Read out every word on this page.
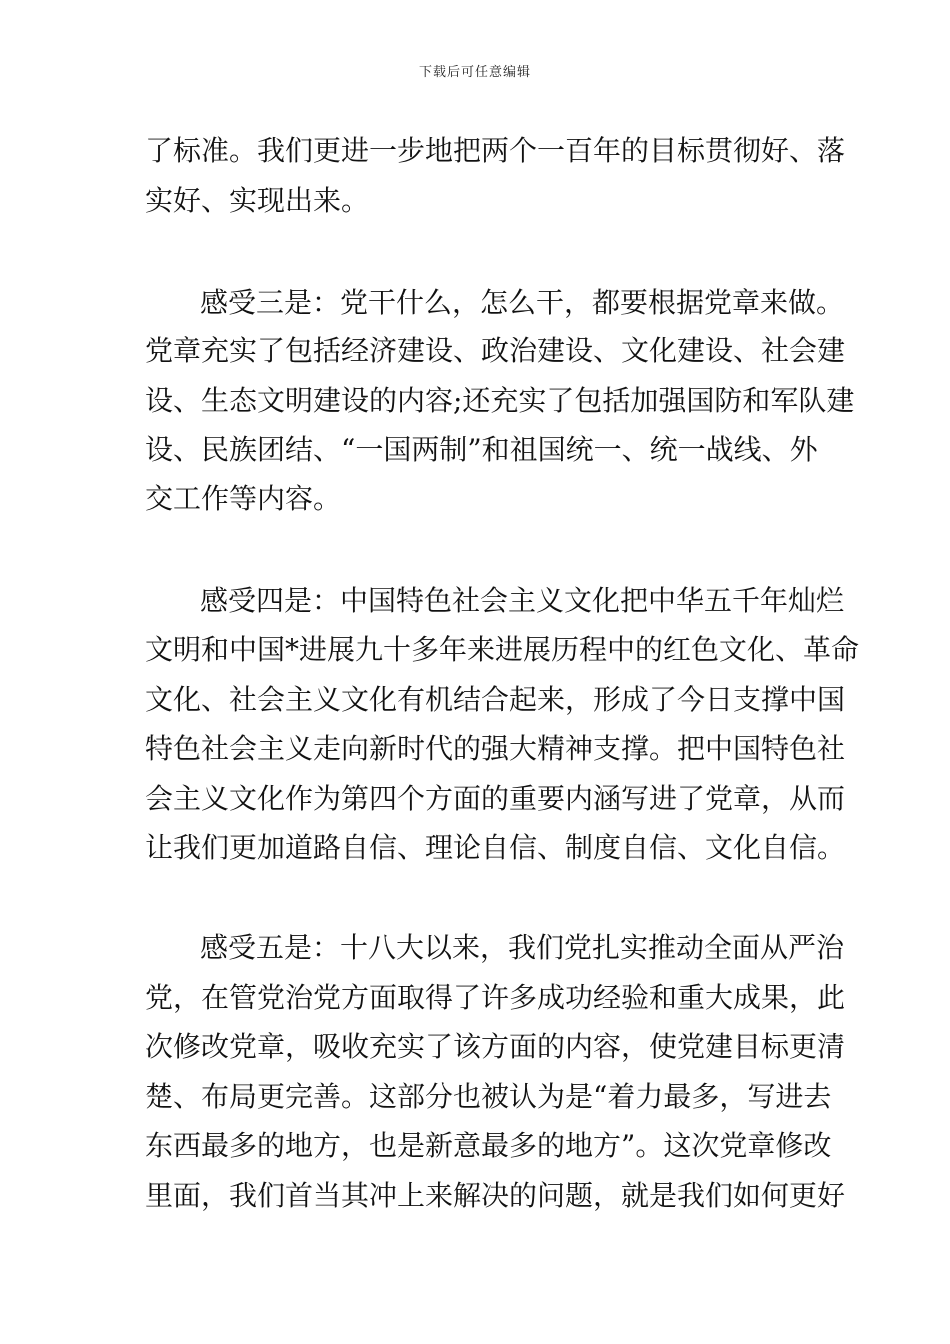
下载后可任意编辑
了标准。我们更进一步地把两个一百年的目标贯彻好、落
实好、实现出来。
感受三是：党干什么，怎么干，都要根据党章来做。
党章充实了包括经济建设、政治建设、文化建设、社会建
设、生态文明建设的内容;还充实了包括加强国防和军队建
设、民族团结、“一国两制”和祖国统一、统一战线、外
交工作等内容。
感受四是：中国特色社会主义文化把中华五千年灿烂
文明和中国*进展九十多年来进展历程中的红色文化、革命
文化、社会主义文化有机结合起来，形成了今日支撑中国
特色社会主义走向新时代的强大精神支撑。把中国特色社
会主义文化作为第四个方面的重要内涵写进了党章，从而
让我们更加道路自信、理论自信、制度自信、文化自信。
感受五是：十八大以来，我们党扎实推动全面从严治
党，在管党治党方面取得了许多成功经验和重大成果，此
次修改党章，吸收充实了该方面的内容，使党建目标更清
楚、布局更完善。这部分也被认为是“着力最多，写进去
东西最多的地方，也是新意最多的地方”。这次党章修改
里面，我们首当其冲上来解决的问题，就是我们如何更好
